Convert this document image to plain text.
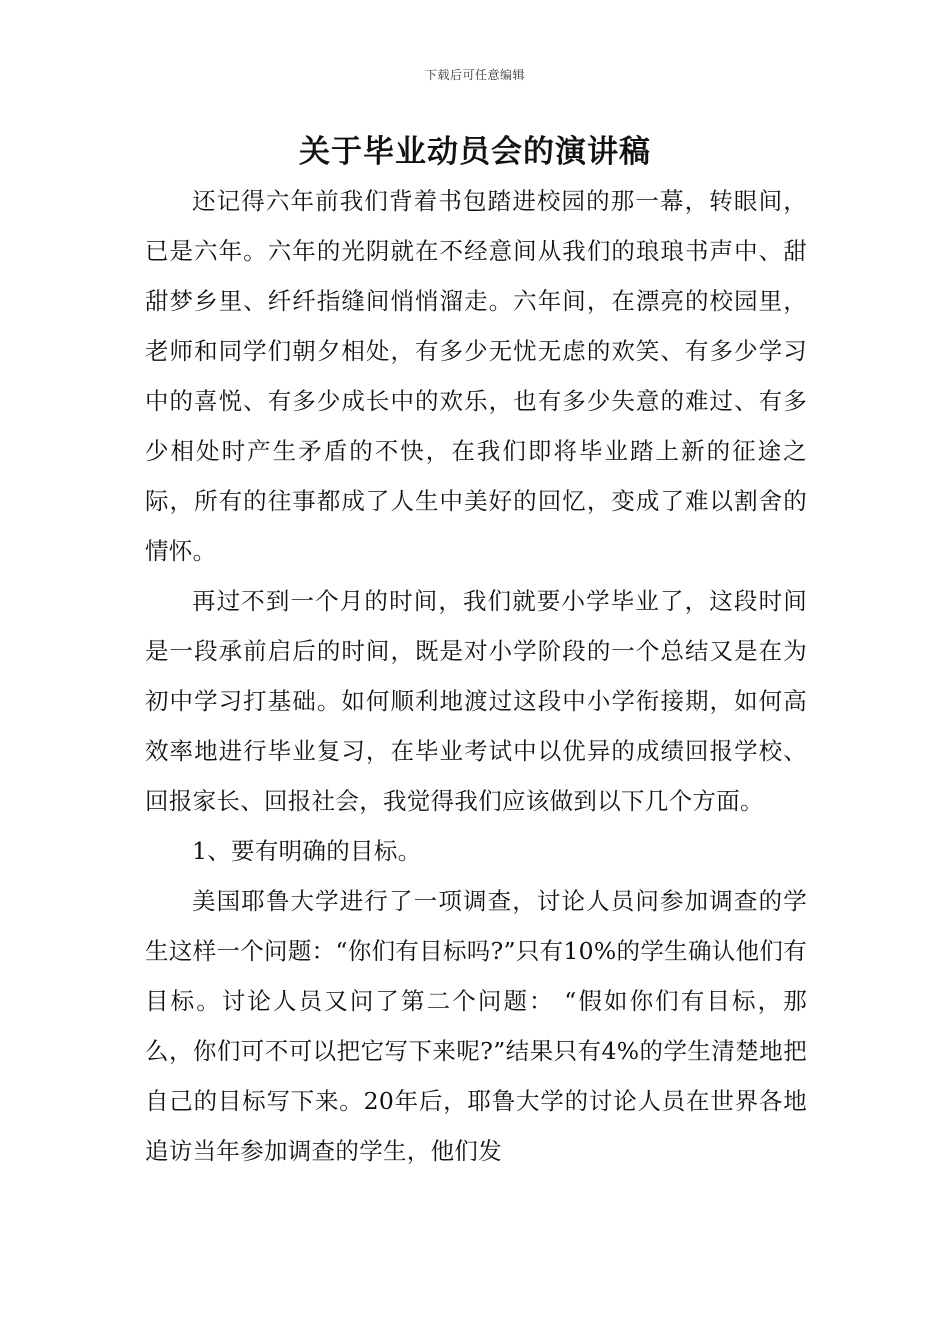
下载后可任意编辑
关于毕业动员会的演讲稿

还记得六年前我们背着书包踏进校园的那一幕，转眼间，已是六年。六年的光阴就在不经意间从我们的琅琅书声中、甜甜梦乡里、纤纤指缝间悄悄溜走。六年间，在漂亮的校园里，老师和同学们朝夕相处，有多少无忧无虑的欢笑、有多少学习中的喜悦、有多少成长中的欢乐，也有多少失意的难过、有多少相处时产生矛盾的不快，在我们即将毕业踏上新的征途之际，所有的往事都成了人生中美好的回忆，变成了难以割舍的情怀。

再过不到一个月的时间，我们就要小学毕业了，这段时间是一段承前启后的时间，既是对小学阶段的一个总结又是在为初中学习打基础。如何顺利地渡过这段中小学衔接期，如何高效率地进行毕业复习，在毕业考试中以优异的成绩回报学校、回报家长、回报社会，我觉得我们应该做到以下几个方面。

1、要有明确的目标。

美国耶鲁大学进行了一项调查，讨论人员问参加调查的学生这样一个问题：“你们有目标吗?”只有10%的学生确认他们有目标。讨论人员又问了第二个问题： “假如你们有目标，那么，你们可不可以把它写下来呢?”结果只有4%的学生清楚地把自己的目标写下来。20年后，耶鲁大学的讨论人员在世界各地追访当年参加调查的学生，他们发
